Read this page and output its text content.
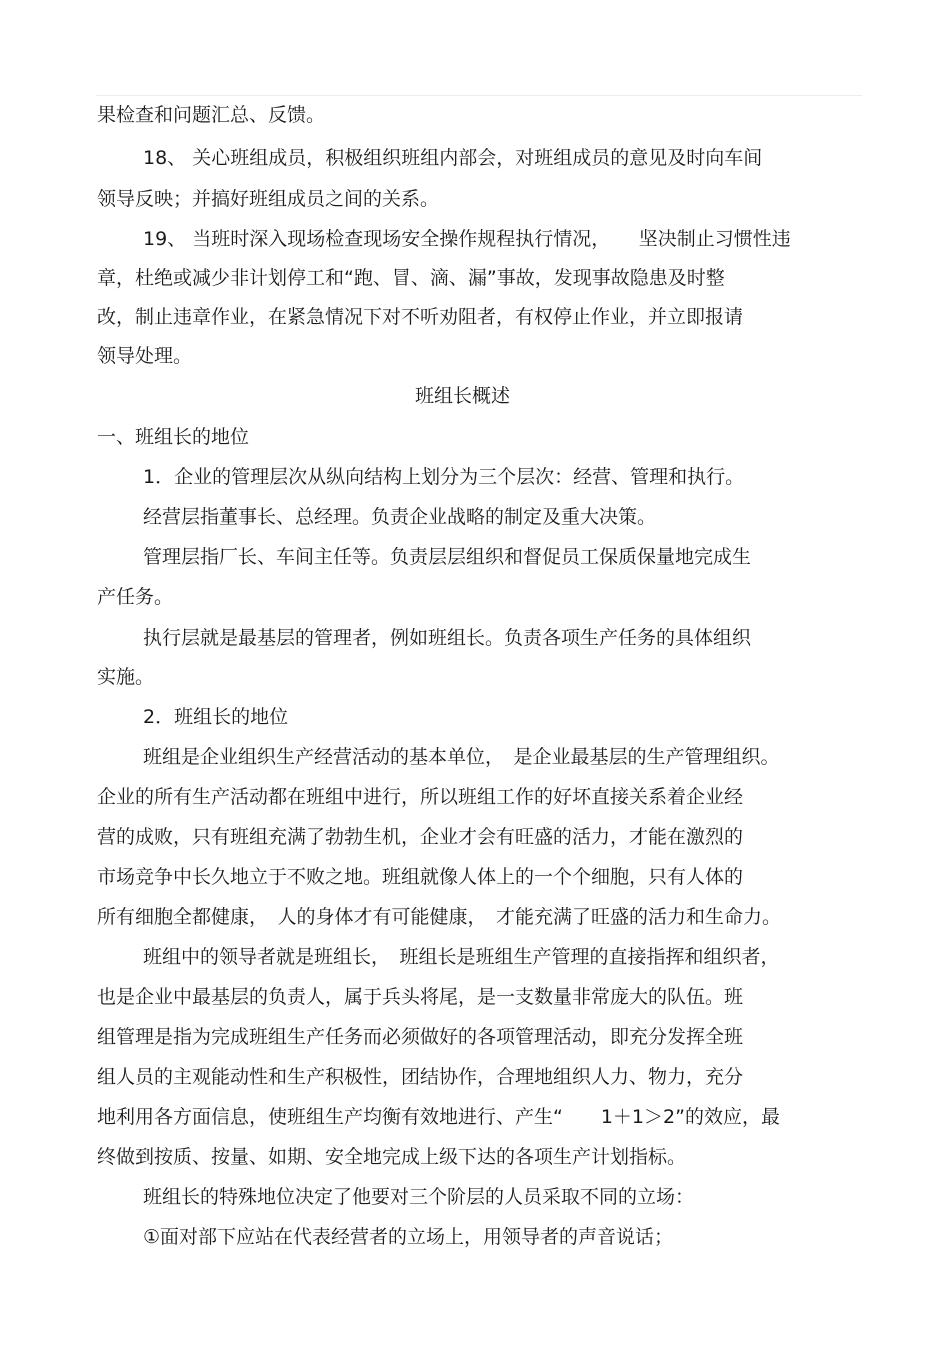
果检查和问题汇总、反馈。
18、 关心班组成员，积极组织班组内部会，对班组成员的意见及时向车间
领导反映；并搞好班组成员之间的关系。
19、 当班时深入现场检查现场安全操作规程执行情况，　　坚决制止习惯性违
章，杜绝或减少非计划停工和“跑、冒、滴、漏”事故，发现事故隐患及时整
改，制止违章作业，在紧急情况下对不听劝阻者，有权停止作业，并立即报请
领导处理。
班组长概述
一、班组长的地位
1．企业的管理层次从纵向结构上划分为三个层次：经营、管理和执行。
经营层指董事长、总经理。负责企业战略的制定及重大决策。
管理层指厂长、车间主任等。负责层层组织和督促员工保质保量地完成生
产任务。
执行层就是最基层的管理者，例如班组长。负责各项生产任务的具体组织
实施。
2．班组长的地位
班组是企业组织生产经营活动的基本单位，　是企业最基层的生产管理组织。
企业的所有生产活动都在班组中进行，所以班组工作的好坏直接关系着企业经
营的成败，只有班组充满了勃勃生机，企业才会有旺盛的活力，才能在激烈的
市场竞争中长久地立于不败之地。班组就像人体上的一个个细胞，只有人体的
所有细胞全都健康，　人的身体才有可能健康，　才能充满了旺盛的活力和生命力。
班组中的领导者就是班组长，　班组长是班组生产管理的直接指挥和组织者，
也是企业中最基层的负责人，属于兵头将尾，是一支数量非常庞大的队伍。班
组管理是指为完成班组生产任务而必须做好的各项管理活动，即充分发挥全班
组人员的主观能动性和生产积极性，团结协作，合理地组织人力、物力，充分
地利用各方面信息，使班组生产均衡有效地进行、产生“　　1＋1＞2”的效应，最
终做到按质、按量、如期、安全地完成上级下达的各项生产计划指标。
班组长的特殊地位决定了他要对三个阶层的人员采取不同的立场：
①面对部下应站在代表经营者的立场上，用领导者的声音说话；
